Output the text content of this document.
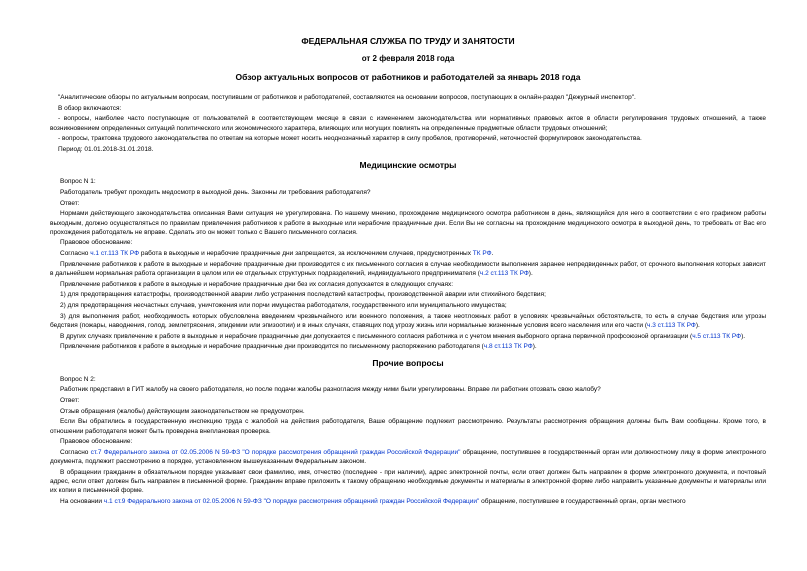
ФЕДЕРАЛЬНАЯ СЛУЖБА ПО ТРУДУ И ЗАНЯТОСТИ
от 2 февраля 2018 года
Обзор актуальных вопросов от работников и работодателей за январь 2018 года

"Аналитические обзоры по актуальным вопросам, поступившим от работников и работодателей, составляются на основании вопросов, поступающих в онлайн-раздел "Дежурный инспектор".

В обзор включаются:

- вопросы, наиболее часто поступающие от пользователей в соответствующем месяце в связи с изменением законодательства или нормативных правовых актов в области регулирования трудовых отношений, а также возникновением определенных ситуаций политического или экономического характера, влияющих или могущих повлиять на определенные предметные области трудовых отношений;

- вопросы, трактовка трудового законодательства по ответам на которые может носить неоднозначный характер в силу пробелов, противоречий, неточностей формулировок законодательства.

Период: 01.01.2018-31.01.2018.

Медицинские осмотры

Вопрос N 1:

Работодатель требует проходить медосмотр в выходной день. Законны ли требования работодателя?

Ответ:

Нормами действующего законодательства описанная Вами ситуация не урегулирована. По нашему мнению, прохождение медицинского осмотра работником в день, являющийся для него в соответствии с его графиком работы выходным, должно осуществляться по правилам привлечения работников к работе в выходные или нерабочие праздничные дни. Если Вы не согласны на прохождение медицинского осмотра в выходной день, то требовать от Вас его прохождения работодатель не вправе. Сделать это он может только с Вашего письменного согласия.

Правовое обоснование:

Согласно ч.1 ст.113 ТК РФ работа в выходные и нерабочие праздничные дни запрещается, за исключением случаев, предусмотренных ТК РФ.

Привлечение работников к работе в выходные и нерабочие праздничные дни производится с их письменного согласия в случае необходимости выполнения заранее непредвиденных работ, от срочного выполнения которых зависит в дальнейшем нормальная работа организации в целом или ее отдельных структурных подразделений, индивидуального предпринимателя (ч.2 ст.113 ТК РФ).

Привлечение работников к работе в выходные и нерабочие праздничные дни без их согласия допускается в следующих случаях:

1) для предотвращения катастрофы, производственной аварии либо устранения последствий катастрофы, производственной аварии или стихийного бедствия;

2) для предотвращения несчастных случаев, уничтожения или порчи имущества работодателя, государственного или муниципального имущества;

3) для выполнения работ, необходимость которых обусловлена введением чрезвычайного или военного положения, а также неотложных работ в условиях чрезвычайных обстоятельств, то есть в случае бедствия или угрозы бедствия (пожары, наводнения, голод, землетрясения, эпидемии или эпизоотии) и в иных случаях, ставящих под угрозу жизнь или нормальные жизненные условия всего населения или его части (ч.3 ст.113 ТК РФ).

В других случаях привлечение к работе в выходные и нерабочие праздничные дни допускается с письменного согласия работника и с учетом мнения выборного органа первичной профсоюзной организации (ч.5 ст.113 ТК РФ).

Привлечение работников к работе в выходные и нерабочие праздничные дни производится по письменному распоряжению работодателя (ч.8 ст.113 ТК РФ).

Прочие вопросы

Вопрос N 2:

Работник представил в ГИТ жалобу на своего работодателя, но после подачи жалобы разногласия между ними были урегулированы. Вправе ли работник отозвать свою жалобу?

Ответ:

Отзыв обращения (жалобы) действующим законодательством не предусмотрен.

Если Вы обратились в государственную инспекцию труда с жалобой на действия работодателя, Ваше обращение подлежит рассмотрению. Результаты рассмотрения обращения должны быть Вам сообщены. Кроме того, в отношении работодателя может быть проведена внеплановая проверка.

Правовое обоснование:

Согласно ст.7 Федерального закона от 02.05.2006 N 59-ФЗ "О порядке рассмотрения обращений граждан Российской Федерации" обращение, поступившее в государственный орган или должностному лицу в форме электронного документа, подлежит рассмотрению в порядке, установленном вышеуказанным Федеральным законом.

В обращении гражданин в обязательном порядке указывает свои фамилию, имя, отчество (последнее - при наличии), адрес электронной почты, если ответ должен быть направлен в форме электронного документа, и почтовый адрес, если ответ должен быть направлен в письменной форме. Гражданин вправе приложить к такому обращению необходимые документы и материалы в электронной форме либо направить указанные документы и материалы или их копии в письменной форме.

На основании ч.1 ст.9 Федерального закона от 02.05.2006 N 59-ФЗ "О порядке рассмотрения обращений граждан Российской Федерации" обращение, поступившее в государственный орган, орган местного
